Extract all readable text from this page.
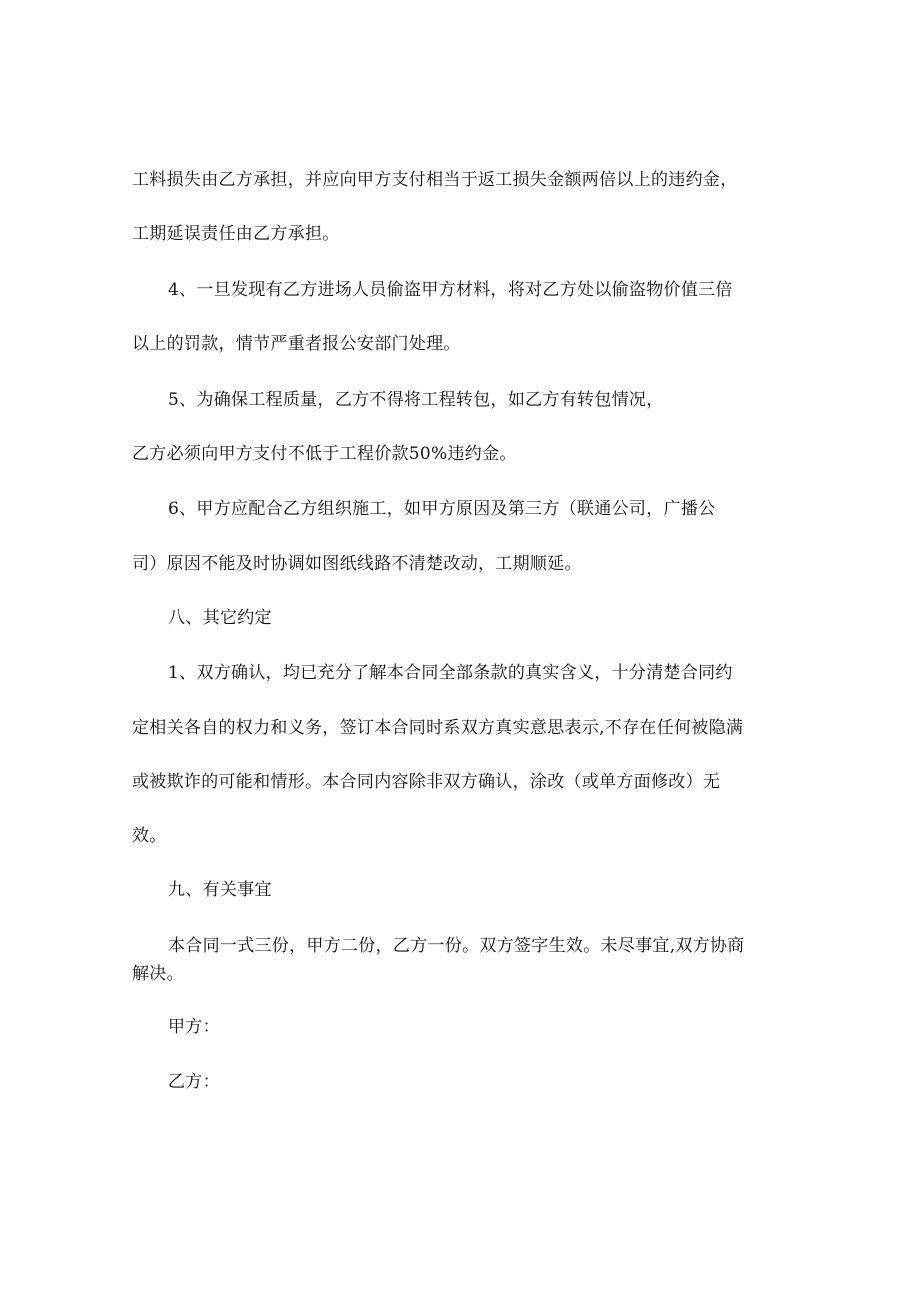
工料损失由乙方承担，并应向甲方支付相当于返工损失金额两倍以上的违约金，
工期延误责任由乙方承担。
4、一旦发现有乙方进场人员偷盗甲方材料，将对乙方处以偷盗物价值三倍
以上的罚款，情节严重者报公安部门处理。
5、为确保工程质量，乙方不得将工程转包，如乙方有转包情况，
乙方必须向甲方支付不低于工程价款50%违约金。
6、甲方应配合乙方组织施工，如甲方原因及第三方（联通公司，广播公
司）原因不能及时协调如图纸线路不清楚改动，工期顺延。
八、其它约定
1、双方确认，均已充分了解本合同全部条款的真实含义，十分清楚合同约
定相关各自的权力和义务，签订本合同时系双方真实意思表示,不存在任何被隐满
或被欺诈的可能和情形。本合同内容除非双方确认，涂改（或单方面修改）无
效。
九、有关事宜
本合同一式三份，甲方二份，乙方一份。双方签字生效。未尽事宜,双方协商
解决。
甲方：
乙方：
